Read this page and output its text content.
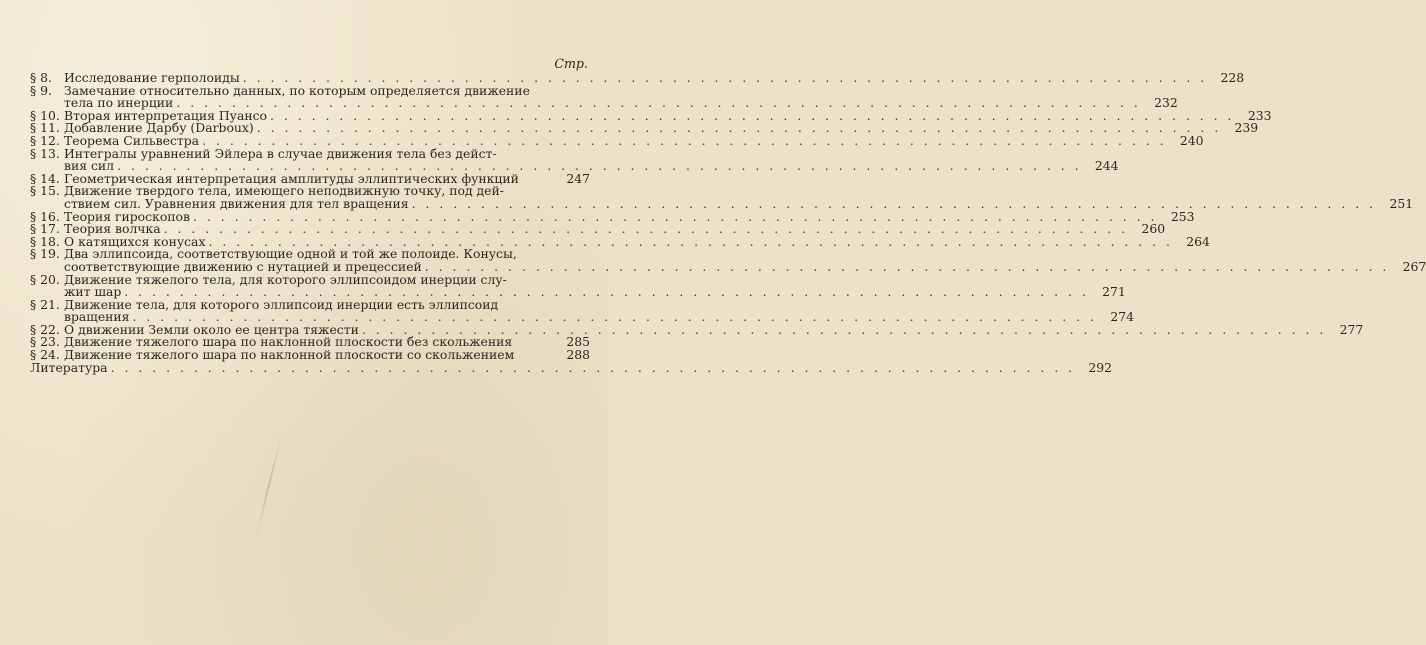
Стр.
§ 8. Исследование герполоиды . . .	228
§ 9. Замечание относительно данных, по которым определяется движение
тела по инерции . . .	232
§ 10. Вторая интерпретация Пуансо . . .	233
§ 11. Добавление Дарбу (Darboux) . . .	239
§ 12. Теорема Сильвестра . . .	240
§ 13. Интегралы уравнений Эйлера в случае движения тела без дейст-
вия сил . . .	244
§ 14. Геометрическая интерпретация амплитуды эллиптических функций	247
§ 15. Движение твердого тела, имеющего неподвижную точку, под дей-
ствием сил. Уравнения движения для тел вращения . . .	251
§ 16. Теория гироскопов . . .	253
§ 17. Теория волчка . . .	260
§ 18. О катящихся конусах . . .	264
§ 19. Два эллипсоида, соответствующие одной и той же полоиде. Конусы,
соответствующие движению с нутацией и прецессией . . .	267
§ 20. Движение тяжелого тела, для которого эллипсоидом инерции слу-
жит шар . . .	271
§ 21. Движение тела, для которого эллипсоид инерции есть эллипсоид
вращения . . .	274
§ 22. О движении Земли около ее центра тяжести . . .	277
§ 23. Движение тяжелого шара по наклонной плоскости без скольжения	285
§ 24. Движение тяжелого шара по наклонной плоскости со скольжением	288
Литература . . .	292
